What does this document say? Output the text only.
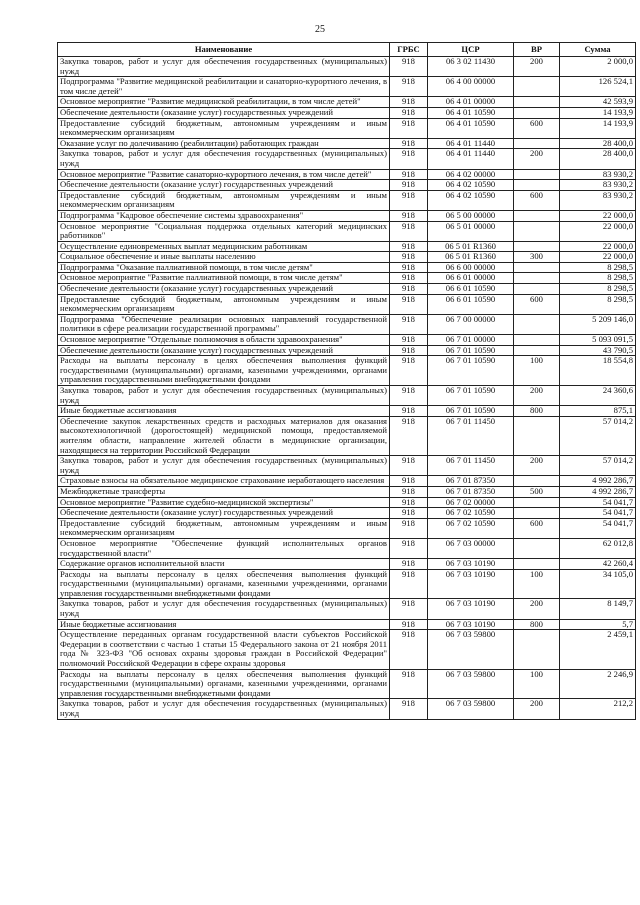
25
Наименование	ГРБС	ЦСР	ВР	Сумма
Закупка товаров, работ и услуг для обеспечения государственных (муниципальных) нужд	918	06 3 02 11430	200	2 000,0
Подпрограмма "Развитие медицинской реабилитации и санаторно-курортного лечения, в том числе детей"	918	06 4 00 00000		126 524,1
Основное мероприятие "Развитие медицинской реабилитации, в том числе детей"	918	06 4 01 00000		42 593,9
Обеспечение деятельности (оказание услуг) государственных учреждений	918	06 4 01 10590		14 193,9
Предоставление субсидий бюджетным, автономным учреждениям и иным некоммерческим организациям	918	06 4 01 10590	600	14 193,9
Оказание услуг по долечиванию (реабилитации) работающих граждан	918	06 4 01 11440		28 400,0
Закупка товаров, работ и услуг для обеспечения государственных (муниципальных) нужд	918	06 4 01 11440	200	28 400,0
Основное мероприятие "Развитие санаторно-курортного лечения, в том числе детей"	918	06 4 02 00000		83 930,2
Обеспечение деятельности (оказание услуг) государственных учреждений	918	06 4 02 10590		83 930,2
Предоставление субсидий бюджетным, автономным учреждениям и иным некоммерческим организациям	918	06 4 02 10590	600	83 930,2
Подпрограмма "Кадровое обеспечение системы здравоохранения"	918	06 5 00 00000		22 000,0
Основное мероприятие "Социальная поддержка отдельных категорий медицинских работников"	918	06 5 01 00000		22 000,0
Осуществление единовременных выплат медицинским работникам	918	06 5 01 R1360		22 000,0
Социальное обеспечение и иные выплаты населению	918	06 5 01 R1360	300	22 000,0
Подпрограмма "Оказание паллиативной помощи, в том числе детям"	918	06 6 00 00000		8 298,5
Основное мероприятие "Развитие паллиативной помощи, в том числе детям"	918	06 6 01 00000		8 298,5
Обеспечение деятельности (оказание услуг) государственных учреждений	918	06 6 01 10590		8 298,5
Предоставление субсидий бюджетным, автономным учреждениям и иным некоммерческим организациям	918	06 6 01 10590	600	8 298,5
Подпрограмма "Обеспечение реализации основных направлений государственной политики в сфере реализации государственной программы"	918	06 7 00 00000		5 209 146,0
Основное мероприятие "Отдельные полномочия в области здравоохранения"	918	06 7 01 00000		5 093 091,5
Обеспечение деятельности (оказание услуг) государственных учреждений	918	06 7 01 10590		43 790,5
Расходы на выплаты персоналу в целях обеспечения выполнения функций государственными (муниципальными) органами, казенными учреждениями, органами управления государственными внебюджетными фондами	918	06 7 01 10590	100	18 554,8
Закупка товаров, работ и услуг для обеспечения государственных (муниципальных) нужд	918	06 7 01 10590	200	24 360,6
Иные бюджетные ассигнования	918	06 7 01 10590	800	875,1
Обеспечение закупок лекарственных средств и расходных материалов для оказания высокотехнологичной (дорогостоящей) медицинской помощи, предоставляемой жителям области, направление жителей области в медицинские организации, находящиеся на территории Российской Федерации	918	06 7 01 11450		57 014,2
Закупка товаров, работ и услуг для обеспечения государственных (муниципальных) нужд	918	06 7 01 11450	200	57 014,2
Страховые взносы на обязательное медицинское страхование неработающего населения	918	06 7 01 87350		4 992 286,7
Межбюджетные трансферты	918	06 7 01 87350	500	4 992 286,7
Основное мероприятие "Развитие судебно-медицинской экспертизы"	918	06 7 02 00000		54 041,7
Обеспечение деятельности (оказание услуг) государственных учреждений	918	06 7 02 10590		54 041,7
Предоставление субсидий бюджетным, автономным учреждениям и иным некоммерческим организациям	918	06 7 02 10590	600	54 041,7
Основное мероприятие "Обеспечение функций исполнительных органов государственной власти"	918	06 7 03 00000		62 012,8
Содержание органов исполнительной власти	918	06 7 03 10190		42 260,4
Расходы на выплаты персоналу в целях обеспечения выполнения функций государственными (муниципальными) органами, казенными учреждениями, органами управления государственными внебюджетными фондами	918	06 7 03 10190	100	34 105,0
Закупка товаров, работ и услуг для обеспечения государственных (муниципальных) нужд	918	06 7 03 10190	200	8 149,7
Иные бюджетные ассигнования	918	06 7 03 10190	800	5,7
Осуществление переданных органам государственной власти субъектов Российской Федерации в соответствии с частью 1 статьи 15 Федерального закона от 21 ноября 2011 года № 323-ФЗ "Об основах охраны здоровья граждан в Российской Федерации" полномочий Российской Федерации в сфере охраны здоровья	918	06 7 03 59800		2 459,1
Расходы на выплаты персоналу в целях обеспечения выполнения функций государственными (муниципальными) органами, казенными учреждениями, органами управления государственными внебюджетными фондами	918	06 7 03 59800	100	2 246,9
Закупка товаров, работ и услуг для обеспечения государственных (муниципальных) нужд	918	06 7 03 59800	200	212,2
